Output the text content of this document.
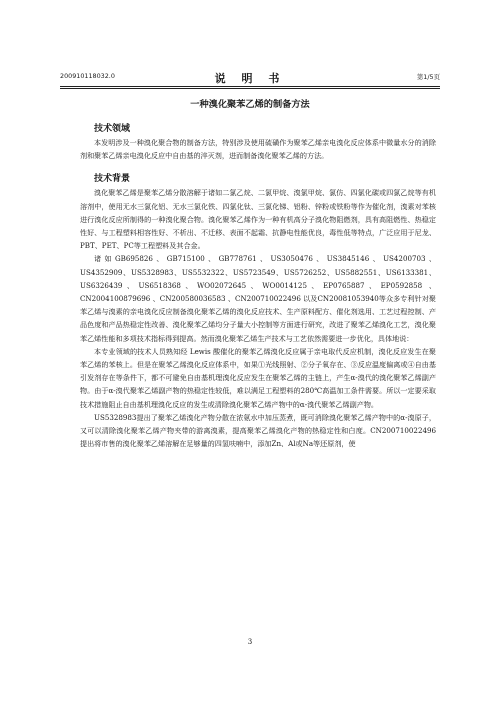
200910118032.0	说 明 书	第1/5页
一种溴化聚苯乙烯的制备方法
技术领域

本发明涉及一种溴化聚合物的制备方法，特别涉及使用硫磺作为聚苯乙烯亲电溴化反应体系中微量水分的消除剂和聚苯乙烯亲电溴化反应中自由基的淬灭剂，进而制备溴化聚苯乙烯的方法。

技术背景

溴化聚苯乙烯是聚苯乙烯分散溶解于诸如二氯乙烷、二氯甲烷、溴氯甲烷、氯仿、四氯化碳或四氯乙烷等有机溶剂中，使用无水三氯化铝、无水三氯化铁、四氯化钛、三氯化锑、铝粉、锌粉或铁粉等作为催化剂，溴素对苯核进行溴化反应所制得的一种溴化聚合物。溴化聚苯乙烯作为一种有机高分子溴化物阻燃剂，具有高阻燃性、热稳定性好、与工程塑料相容性好、不析出、不迁移、表面不起霜、抗静电性能优良，毒性低等特点，广泛应用于尼龙、PBT、PET、PC等工程塑料及其合金。

诸如GB695826、GB715100、GB778761、US3050476、US3845146、US4200703、US4352909、US5328983、US5532322、US5723549、US5726252、US5882551、US6133381、US6326439、US6518368、WO02072645、WO0014125、EP0765887、EP0592858 、CN2004100879696 、CN200580036583 、CN200710022496 以及CN20081053940等众多专利针对聚苯乙烯与溴素的亲电溴化反应制备溴化聚苯乙烯的溴化反应技术、生产原料配方、催化剂选用、工艺过程控制、产品色度和产品热稳定性改善、溴化聚苯乙烯均分子量大小控制等方面进行研究，改进了聚苯乙烯溴化工艺，溴化聚苯乙烯性能和多项技术指标得到提高。然而溴化聚苯乙烯生产技术与工艺依然需要进一步优化，具体地说：

本专业领域的技术人员熟知经 Lewis 酸催化的聚苯乙烯溴化反应属于亲电取代反应机制，溴化反应发生在聚苯乙烯的苯核上。但是在聚苯乙烯溴化反应体系中，如果①光线照射、②分子氧存在、③反应温度偏离或④自由基引发剂存在等条件下，都不可避免自由基机理溴化反应发生在聚苯乙烯的主链上，产生α-溴代的溴化聚苯乙烯副产物。由于α-溴代聚苯乙烯副产物的热稳定性较低，难以满足工程塑料的280℃高温加工条件需要。所以一定要采取技术措施阻止自由基机理溴化反应的发生或清除溴化聚苯乙烯产物中的α-溴代聚苯乙烯副产物。

US5328983提出了聚苯乙烯溴化产物分散在浓氨水中加压蒸煮，既可消除溴化聚苯乙烯产物中的α-溴原子，又可以清除溴化聚苯乙烯产物夹带的游离溴素，提高聚苯乙烯溴化产物的热稳定性和白度。CN200710022496提出将市售的溴化聚苯乙烯溶解在足够量的四氢呋喃中，添加Zn、Al或Na等还原剂，使

3
